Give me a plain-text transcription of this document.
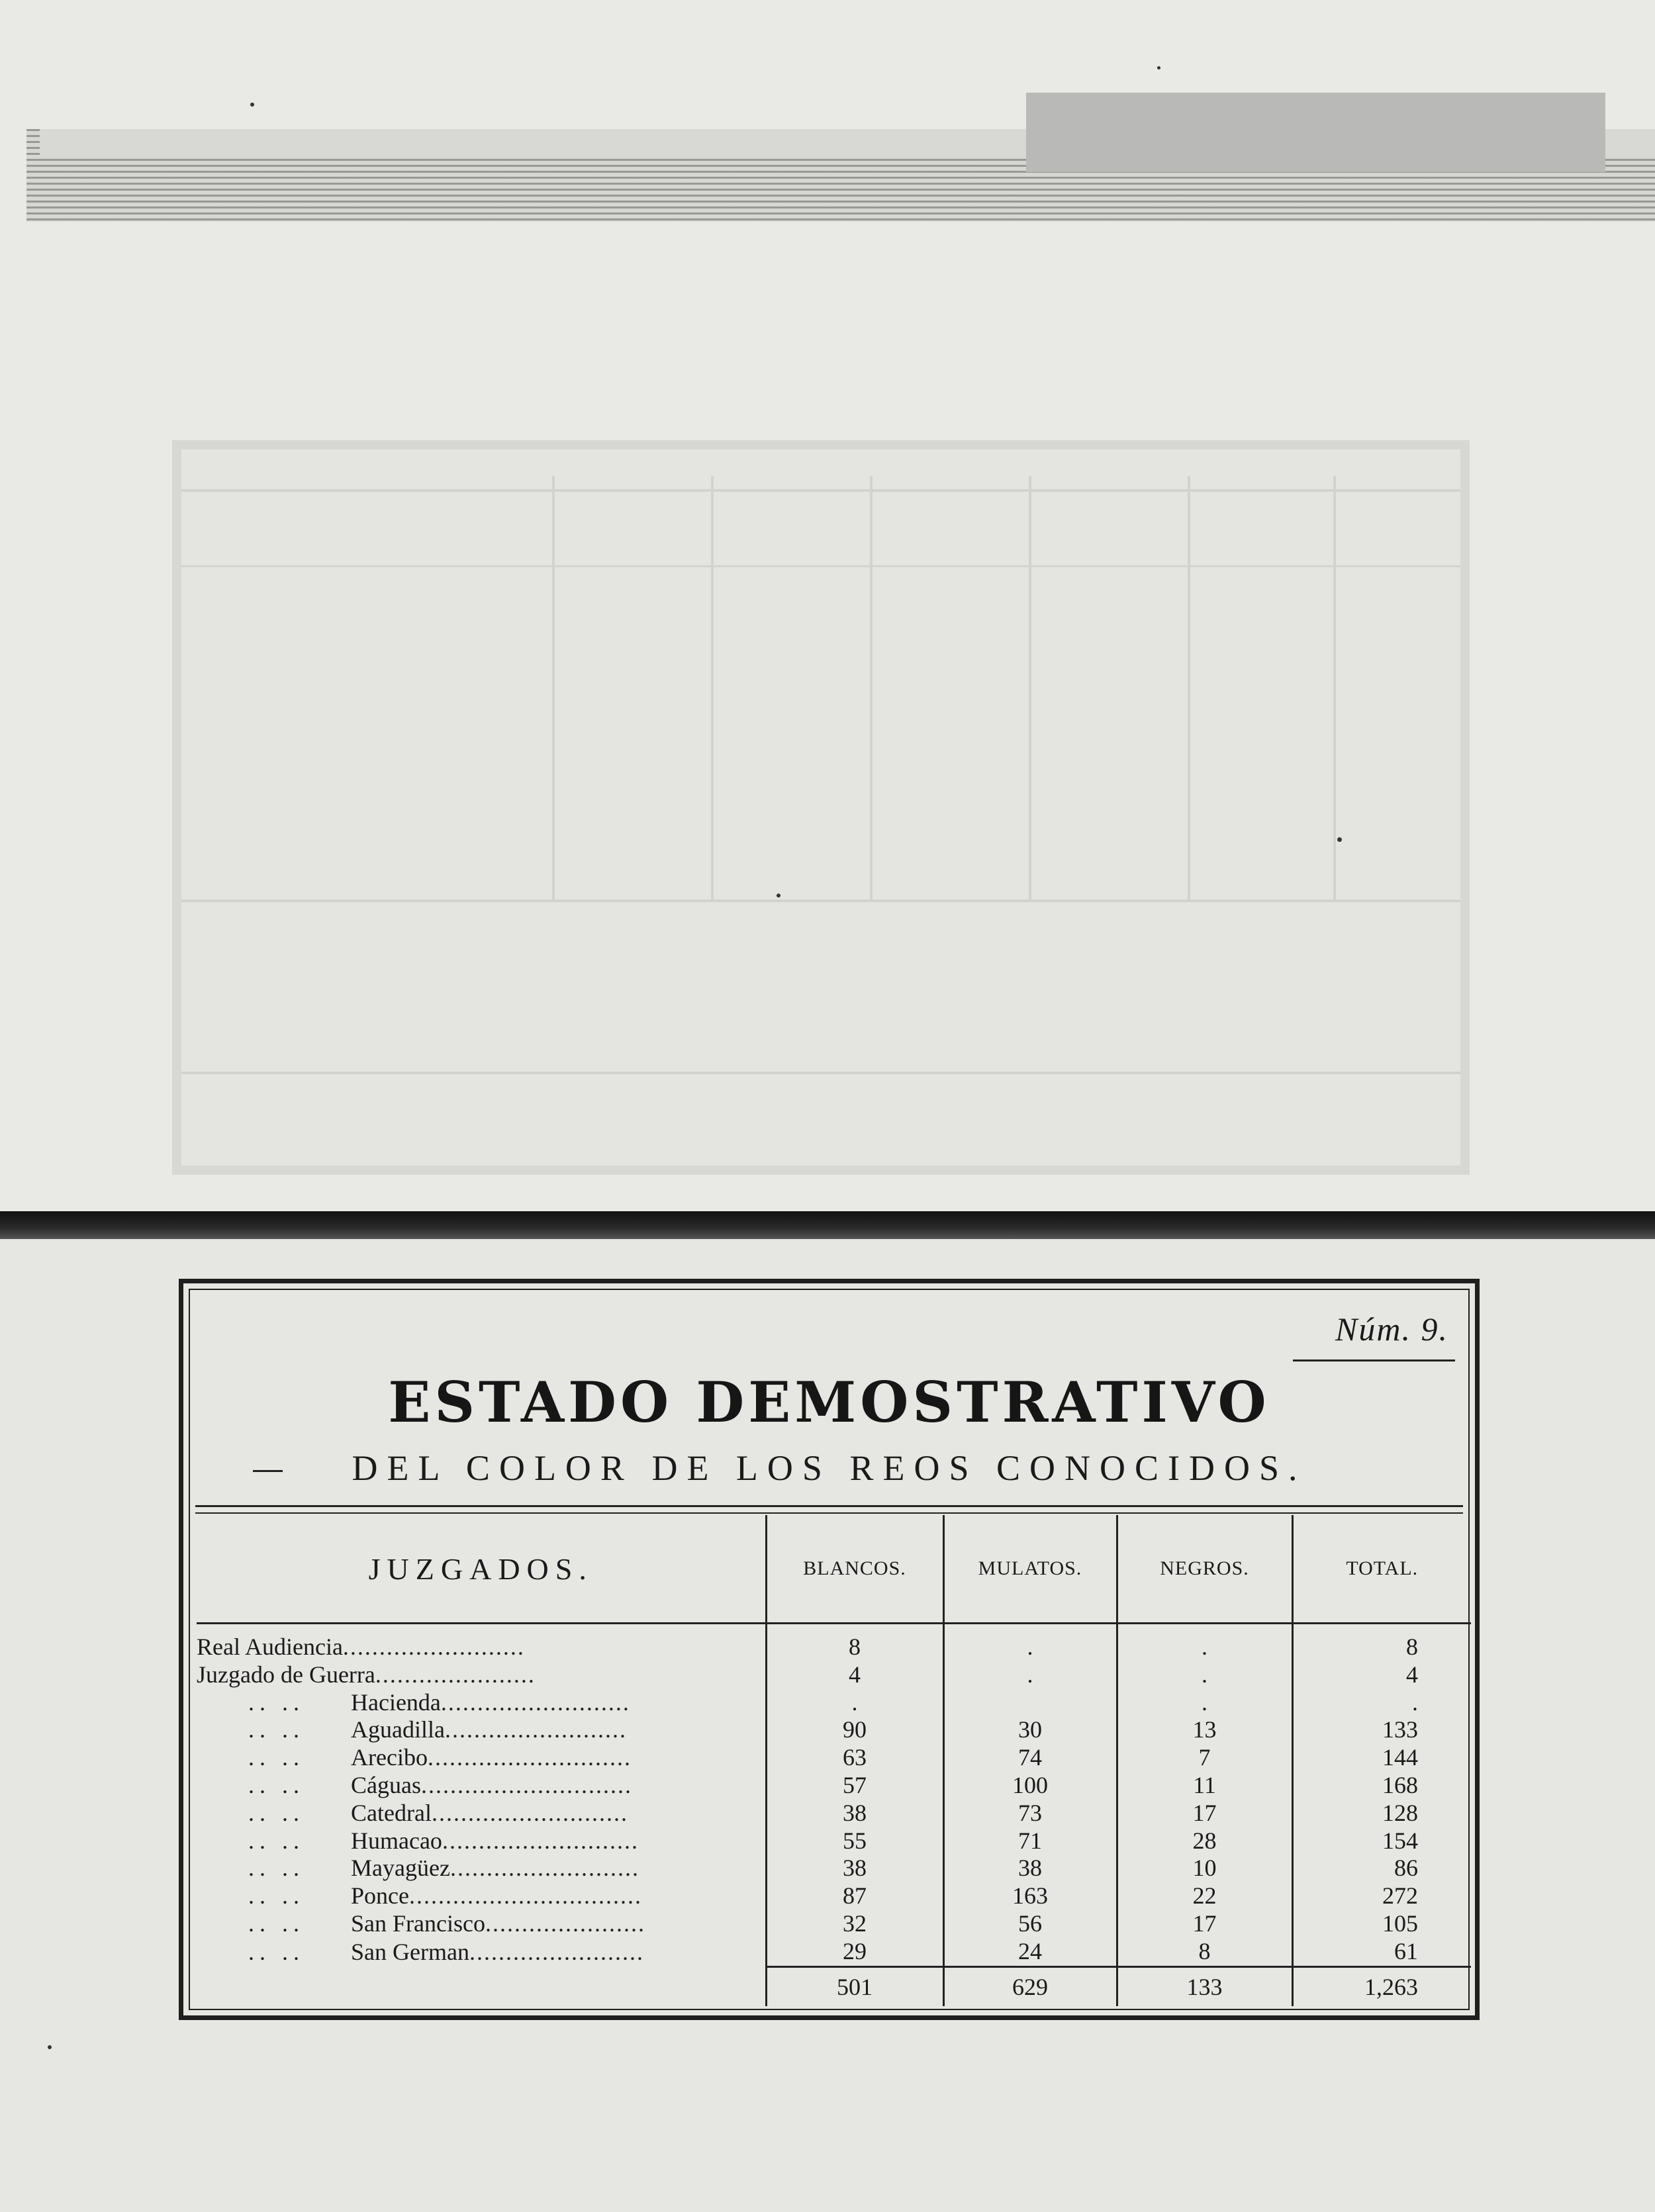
Núm. 9.
ESTADO DEMOSTRATIVO
DEL COLOR DE LOS REOS CONOCIDOS.
JUZGADOS.	BLANCOS.	MULATOS.	NEGROS.	TOTAL.
Real Audiencia.........................	8	.	.	8
Juzgado de Guerra......................	4	.	.	4
.. .. Hacienda..........................	.		.	.
.. .. Aguadilla.........................	90	30	13	133
.. .. Arecibo............................	63	74	7	144
.. .. Cáguas.............................	57	100	11	168
.. .. Catedral...........................	38	73	17	128
.. .. Humacao...........................	55	71	28	154
.. .. Mayagüez..........................	38	38	10	86
.. .. Ponce................................	87	163	22	272
.. .. San Francisco......................	32	56	17	105
.. .. San German........................	29	24	8	61
	501	629	133	1,263
